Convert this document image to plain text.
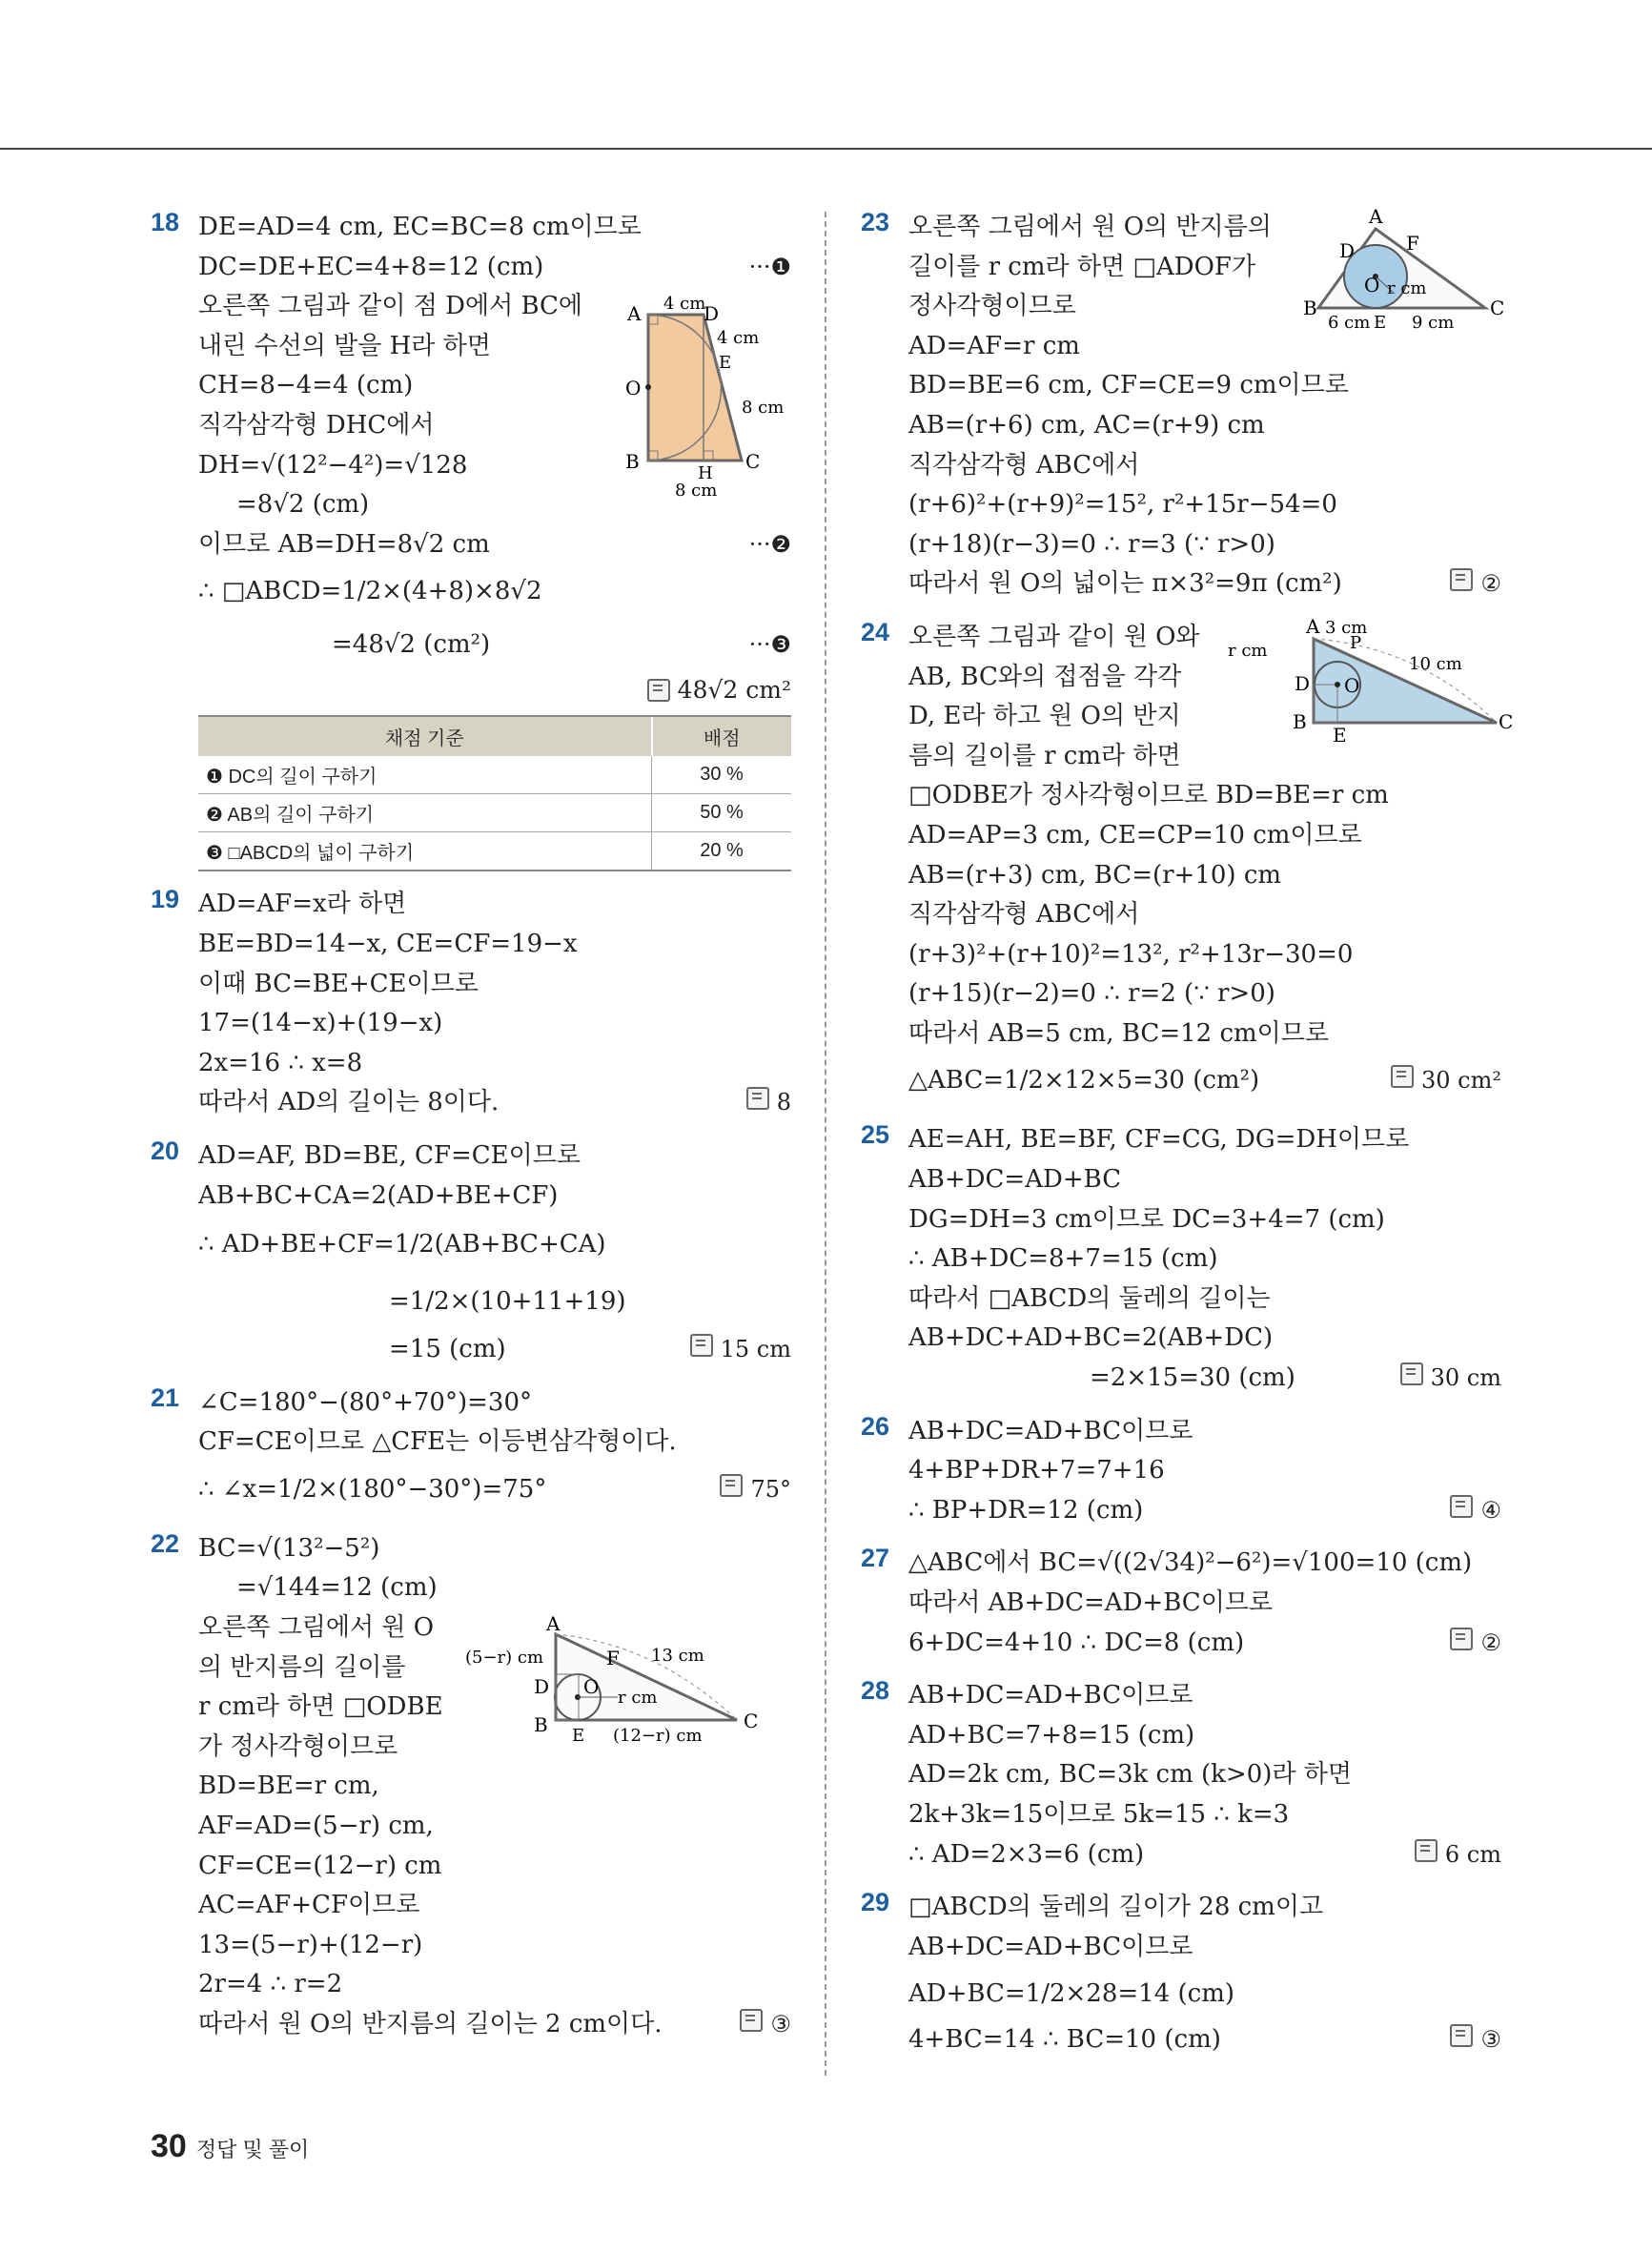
18 DE=AD=4 cm, EC=BC=8 cm이므로
DC=DE+EC=4+8=12 (cm)	···❶
오른쪽 그림과 같이 점 D에서 BC에
내린 수선의 발을 H라 하면
CH=8−4=4 (cm)
직각삼각형 DHC에서
DH=√(12²−4²)=√128
=8√2 (cm)
이므로 AB=DH=8√2 cm	···❷
∴ □ABCD=1/2×(4+8)×8√2
=48√2 (cm²)	···❸
48√2 cm²
A	D
4 cm
4 cm
E
O
8 cm
B	C
H
8 cm
채점 기준	배점
❶ DC의 길이 구하기	30 %
❷ AB의 길이 구하기	50 %
❸ □ABCD의 넓이 구하기	20 %
19 AD=AF=x라 하면
BE=BD=14−x, CE=CF=19−x
이때 BC=BE+CE이므로
17=(14−x)+(19−x)
2x=16 ∴ x=8
따라서 AD의 길이는 8이다.	8
20 AD=AF, BD=BE, CF=CE이므로
AB+BC+CA=2(AD+BE+CF)
∴ AD+BE+CF=1/2(AB+BC+CA)
=1/2×(10+11+19)
=15 (cm)	15 cm
21 ∠C=180°−(80°+70°)=30°
CF=CE이므로 △CFE는 이등변삼각형이다.
∴ ∠x=1/2×(180°−30°)=75°	75°
22 BC=√(13²−5²)
=√144=12 (cm)
오른쪽 그림에서 원 O
의 반지름의 길이를
r cm라 하면 □ODBE
가 정사각형이므로
BD=BE=r cm,
AF=AD=(5−r) cm,
CF=CE=(12−r) cm
AC=AF+CF이므로
13=(5−r)+(12−r)
2r=4 ∴ r=2
따라서 원 O의 반지름의 길이는 2 cm이다.	③
A
(5−r) cm	F 13 cm
D O r cm
B E (12−r) cm
C
23 오른쪽 그림에서 원 O의 반지름의
길이를 r cm라 하면 □ADOF가
정사각형이므로
AD=AF=r cm
BD=BE=6 cm, CF=CE=9 cm이므로
AB=(r+6) cm, AC=(r+9) cm
직각삼각형 ABC에서
(r+6)²+(r+9)²=15², r²+15r−54=0
(r+18)(r−3)=0 ∴ r=3 (∵ r>0)
따라서 원 O의 넓이는 π×3²=9π (cm²)	②
A
D	F
O r cm
B	C
6 cm E 9 cm
24 오른쪽 그림과 같이 원 O와
AB, BC와의 접점을 각각
D, E라 하고 원 O의 반지
름의 길이를 r cm라 하면
□ODBE가 정사각형이므로 BD=BE=r cm
AD=AP=3 cm, CE=CP=10 cm이므로
AB=(r+3) cm, BC=(r+10) cm
직각삼각형 ABC에서
(r+3)²+(r+10)²=13², r²+13r−30=0
(r+15)(r−2)=0 ∴ r=2 (∵ r>0)
따라서 AB=5 cm, BC=12 cm이므로
△ABC=1/2×12×5=30 (cm²)	30 cm²
A 3 cm
P
r cm
10 cm
D O
B
E
C
25 AE=AH, BE=BF, CF=CG, DG=DH이므로
AB+DC=AD+BC
DG=DH=3 cm이므로 DC=3+4=7 (cm)
∴ AB+DC=8+7=15 (cm)
따라서 □ABCD의 둘레의 길이는
AB+DC+AD+BC=2(AB+DC)
=2×15=30 (cm)	30 cm
26 AB+DC=AD+BC이므로
4+BP+DR+7=7+16
∴ BP+DR=12 (cm)	④
27 △ABC에서 BC=√((2√34)²−6²)=√100=10 (cm)
따라서 AB+DC=AD+BC이므로
6+DC=4+10 ∴ DC=8 (cm)	②
28 AB+DC=AD+BC이므로
AD+BC=7+8=15 (cm)
AD=2k cm, BC=3k cm (k>0)라 하면
2k+3k=15이므로 5k=15 ∴ k=3
∴ AD=2×3=6 (cm)	6 cm
29 □ABCD의 둘레의 길이가 28 cm이고
AB+DC=AD+BC이므로
AD+BC=1/2×28=14 (cm)
4+BC=14 ∴ BC=10 (cm)	③
30 정답 및 풀이
